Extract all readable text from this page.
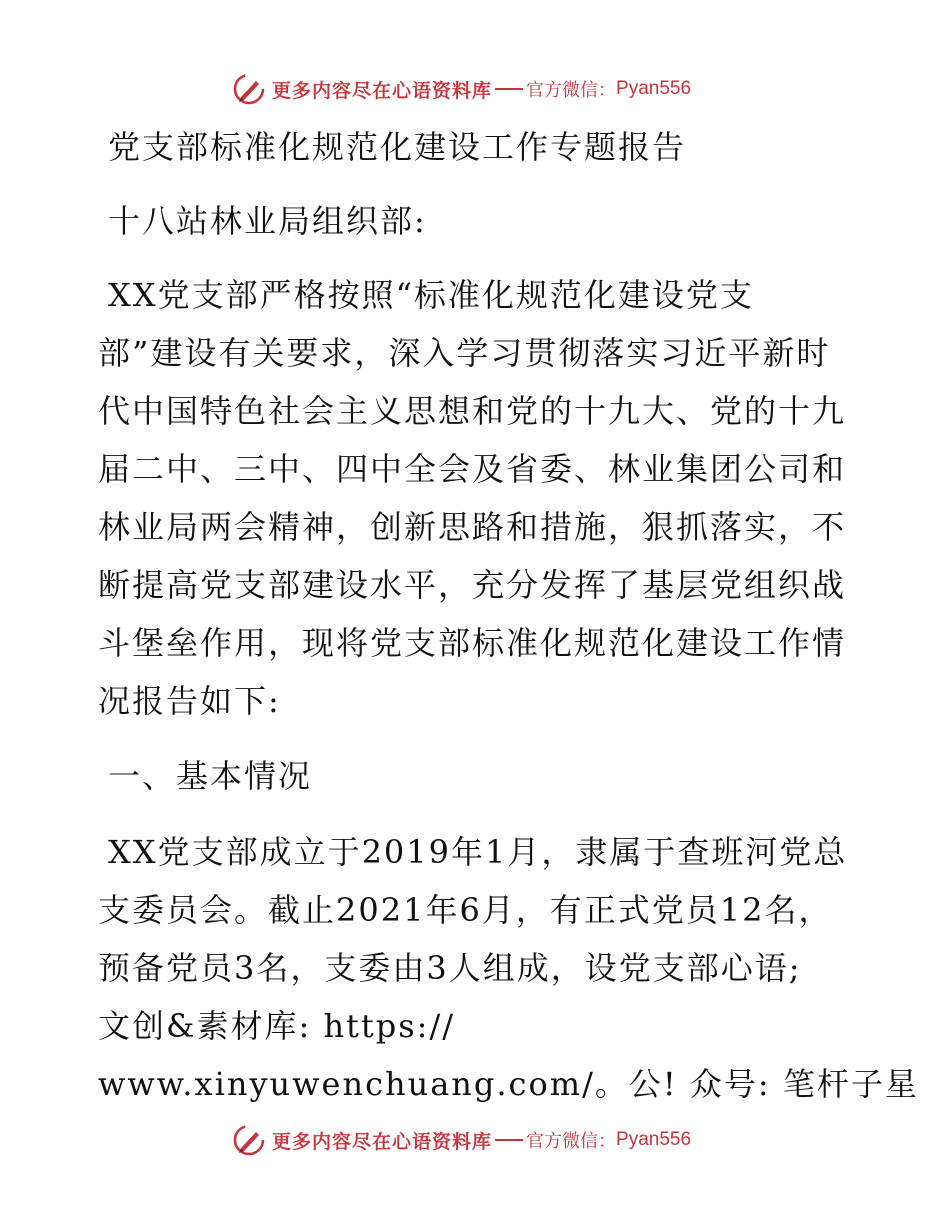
更多内容尽在心语资料库 官方微信： Pyan556
党支部标准化规范化建设工作专题报告
十八站林业局组织部:
XX党支部严格按照“标准化规范化建设党支
部”建设有关要求，深入学习贯彻落实习近平新时
代中国特色社会主义思想和党的十九大、党的十九
届二中、三中、四中全会及省委、林业集团公司和
林业局两会精神，创新思路和措施，狠抓落实，不
断提高党支部建设水平，充分发挥了基层党组织战
斗堡垒作用，现将党支部标准化规范化建设工作情
况报告如下:
一、基本情况
XX党支部成立于2019年1月，隶属于查班河党总
支委员会。截止2021年6月，有正式党员12名，
预备党员3名，支委由3人组成，设党支部心语;
文创&素材库: https://
www.xinyuwenchuang.com/。公! 众号: 笔杆子星
更多内容尽在心语资料库 官方微信： Pyan556
